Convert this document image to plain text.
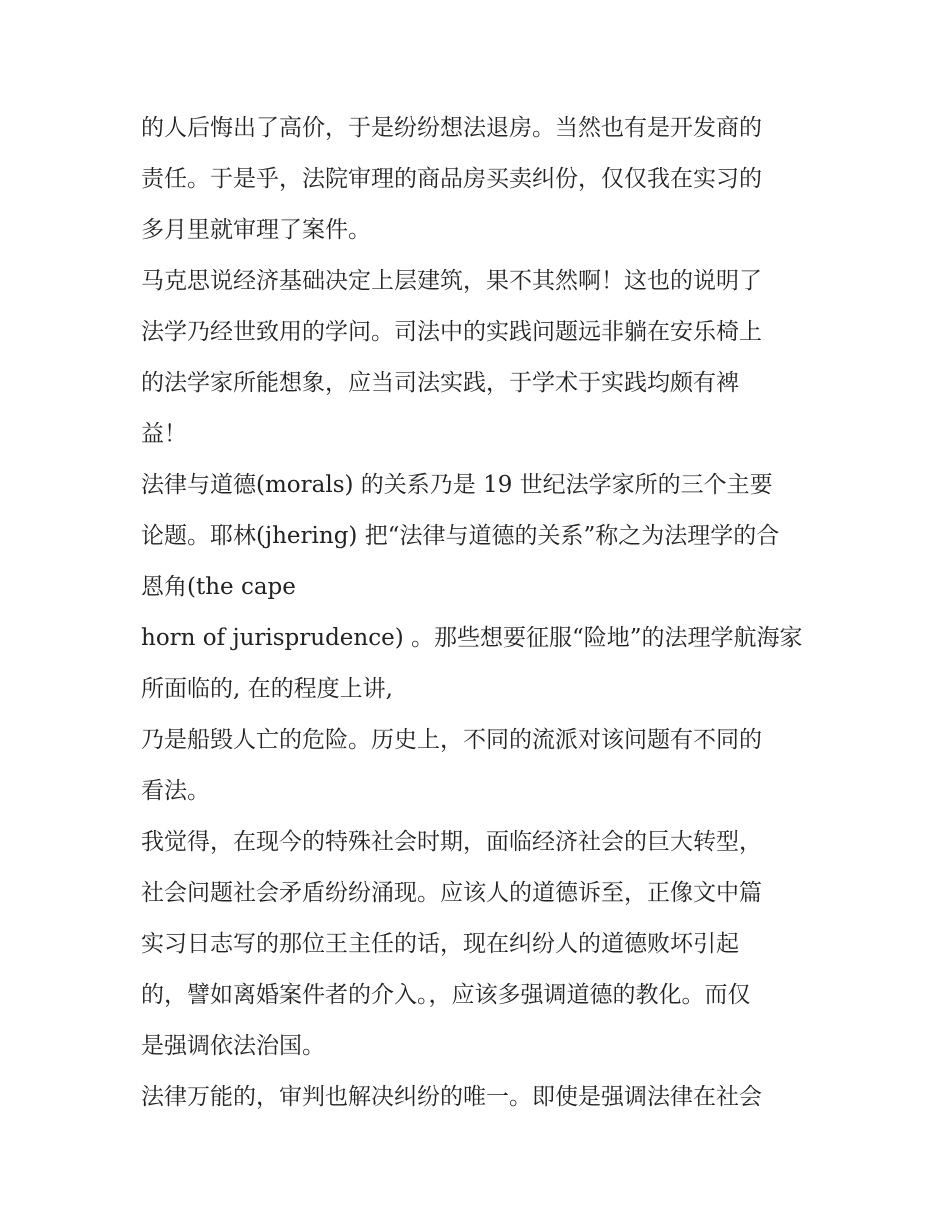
的人后悔出了高价，于是纷纷想法退房。当然也有是开发商的
责任。于是乎，法院审理的商品房买卖纠份，仅仅我在实习的
多月里就审理了案件。
马克思说经济基础决定上层建筑，果不其然啊！这也的说明了
法学乃经世致用的学问。司法中的实践问题远非躺在安乐椅上
的法学家所能想象，应当司法实践，于学术于实践均颇有裨
益！
法律与道德(morals) 的关系乃是 19 世纪法学家所的三个主要
论题。耶林(jhering) 把“法律与道德的关系”称之为法理学的合
恩角(the cape
horn of jurisprudence) 。那些想要征服“险地”的法理学航海家
所面临的, 在的程度上讲,
乃是船毁人亡的危险。历史上，不同的流派对该问题有不同的
看法。
我觉得，在现今的特殊社会时期，面临经济社会的巨大转型，
社会问题社会矛盾纷纷涌现。应该人的道德诉至，正像文中篇
实习日志写的那位王主任的话，现在纠纷人的道德败坏引起
的，譬如离婚案件者的介入。，应该多强调道德的教化。而仅
是强调依法治国。
法律万能的，审判也解决纠纷的唯一。即使是强调法律在社会
